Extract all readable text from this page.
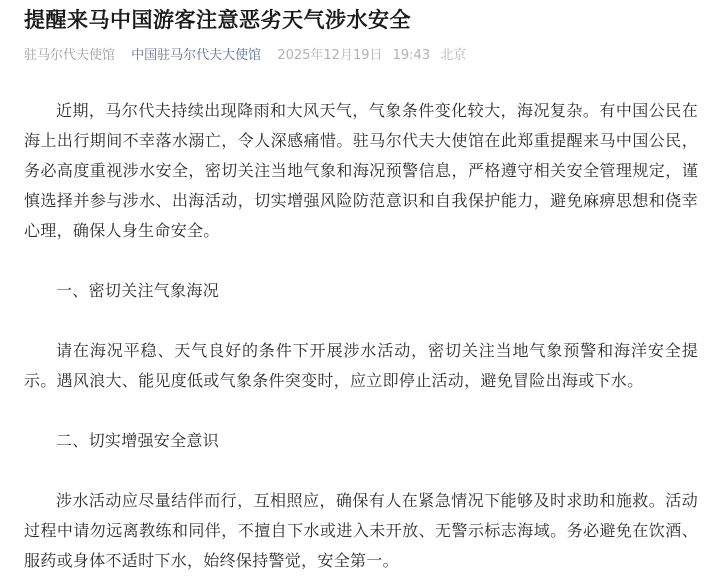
提醒来马中国游客注意恶劣天气涉水安全
驻马尔代夫使馆 中国驻马尔代夫大使馆 2025年12月19日 19:43 北京

近期，马尔代夫持续出现降雨和大风天气，气象条件变化较大，海况复杂。有中国公民在海上出行期间不幸落水溺亡，令人深感痛惜。驻马尔代夫大使馆在此郑重提醒来马中国公民，务必高度重视涉水安全，密切关注当地气象和海况预警信息，严格遵守相关安全管理规定，谨慎选择并参与涉水、出海活动，切实增强风险防范意识和自我保护能力，避免麻痹思想和侥幸心理，确保人身生命安全。

一、密切关注气象海况

请在海况平稳、天气良好的条件下开展涉水活动，密切关注当地气象预警和海洋安全提示。遇风浪大、能见度低或气象条件突变时，应立即停止活动，避免冒险出海或下水。

二、切实增强安全意识

涉水活动应尽量结伴而行，互相照应，确保有人在紧急情况下能够及时求助和施救。活动过程中请勿远离教练和同伴，不擅自下水或进入未开放、无警示标志海域。务必避免在饮酒、服药或身体不适时下水，始终保持警觉，安全第一。
